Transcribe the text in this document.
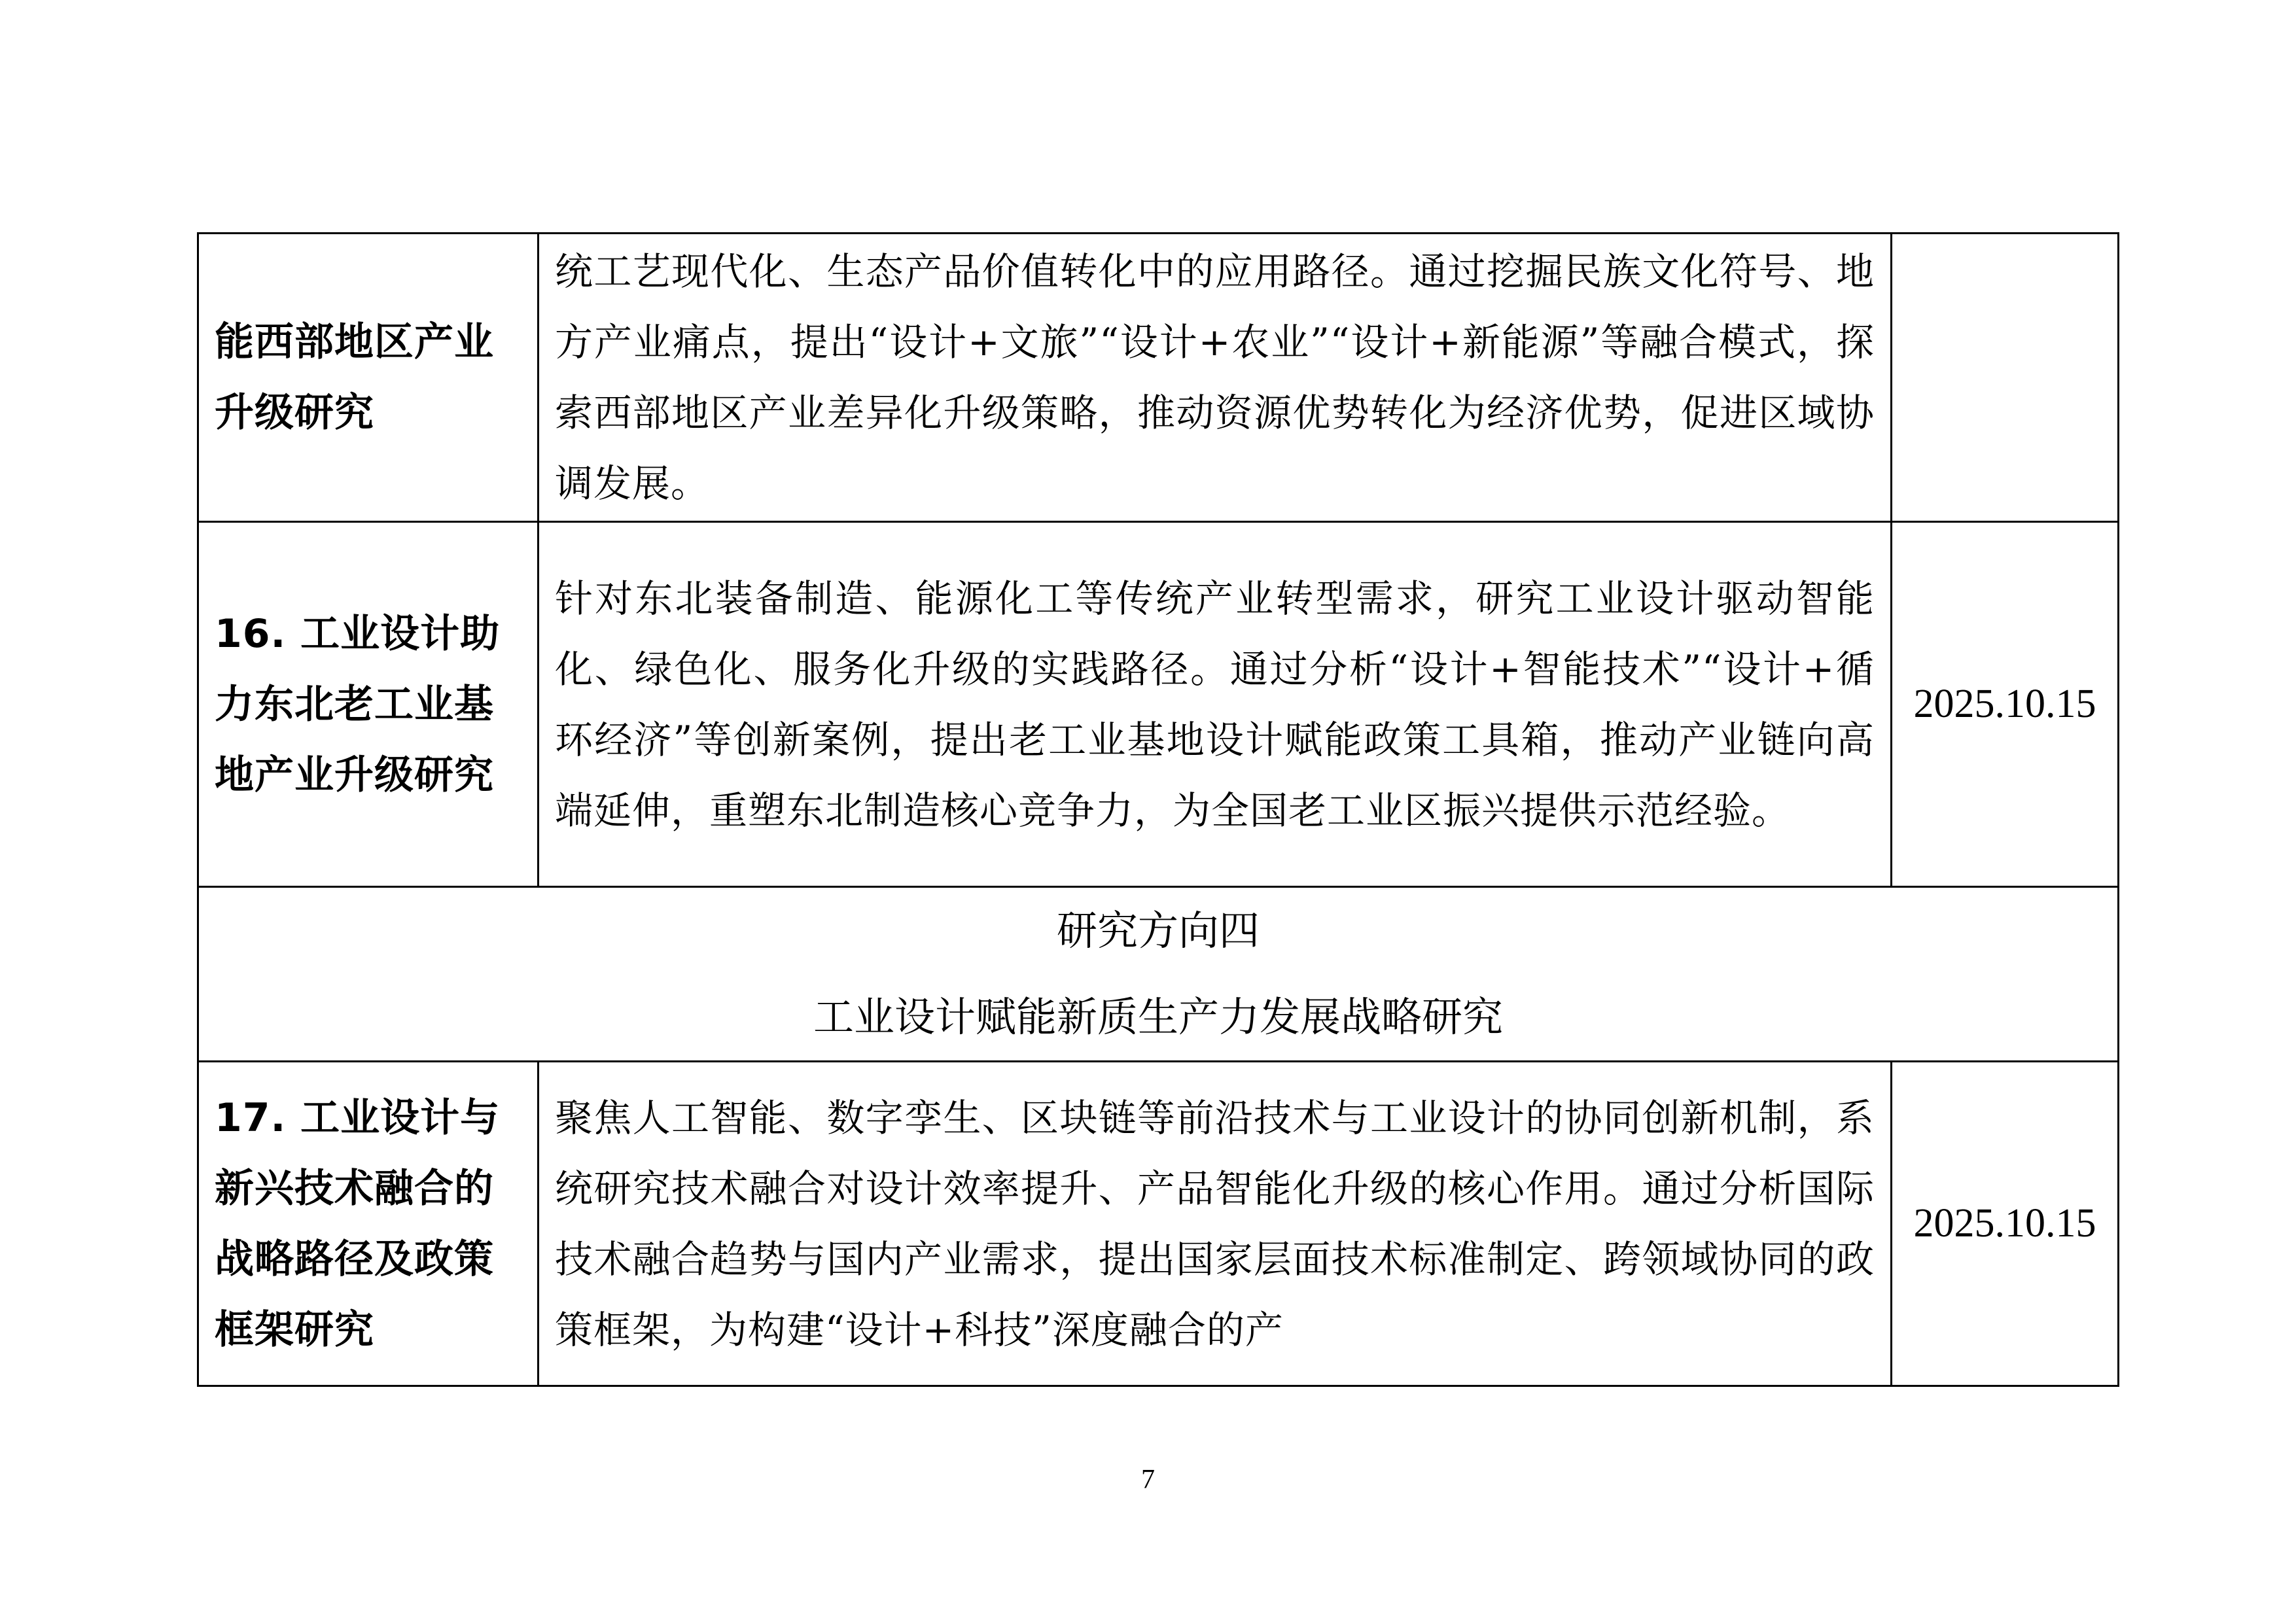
能西部地区产业升级研究	统工艺现代化、生态产品价值转化中的应用路径。通过挖掘民族文化符号、地方产业痛点，提出“设计+文旅”“设计+农业”“设计+新能源”等融合模式，探索西部地区产业差异化升级策略，推动资源优势转化为经济优势，促进区域协调发展。	

16. 工业设计助力东北老工业基地产业升级研究	针对东北装备制造、能源化工等传统产业转型需求，研究工业设计驱动智能化、绿色化、服务化升级的实践路径。通过分析“设计+智能技术”“设计+循环经济”等创新案例，提出老工业基地设计赋能政策工具箱，推动产业链向高端延伸，重塑东北制造核心竞争力，为全国老工业区振兴提供示范经验。	2025.10.15

研究方向四
工业设计赋能新质生产力发展战略研究		

17. 工业设计与新兴技术融合的战略路径及政策框架研究	聚焦人工智能、数字孪生、区块链等前沿技术与工业设计的协同创新机制，系统研究技术融合对设计效率提升、产品智能化升级的核心作用。通过分析国际技术融合趋势与国内产业需求，提出国家层面技术标准制定、跨领域协同的政策框架，为构建“设计+科技”深度融合的产	2025.10.15
7
